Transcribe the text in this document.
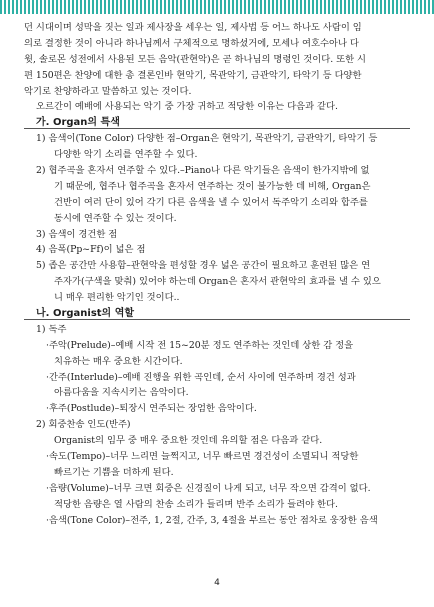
던 시대이며 성막을 짓는 일과 제사장을 세우는 일, 제사법 등 어느 하나도 사람이 임
의로 결정한 것이 아니라 하나님께서 구체적으로 명하셨거에, 모세나 여호수아나 다
윗, 솔로몬 성전에서 사용된 모든 음악(관현악)은 곧 하나님의 명령인 것이다. 또한 시
편 150편은 찬양에 대한 총 결론인바 현악기, 목관악기, 금관악기, 타악기 등 다양한
악기로 찬양하라고 말씀하고 있는 것이다.
오르간이 예배에 사용되는 악기 중 가장 귀하고 적당한 이유는 다음과 같다.
가. Organ의 특색
1) 음색이(Tone Color) 다양한 점–Organ은 현악기, 목관악기, 금관악기, 타악기 등
다양한 악기 소리를 연주할 수 있다.
2) 협주곡을 혼자서 연주할 수 있다.–Piano나 다른 악기들은 음색이 한가지밖에 없
기 때문에, 협주나 협주곡을 혼자서 연주하는 것이 불가능한 데 비해, Organ은
건반이 여러 단이 있어 각기 다른 음색을 낼 수 있어서 독주악기 소리와 합주를
동시에 연주할 수 있는 것이다.
3) 음색이 경건한 점
4) 음폭(Pp~Ff)이 넓은 점
5) 좁은 공간만 사용함–관현악을 편성할 경우 넓은 공간이 필요하고 훈련된 많은 연
주자가(구색을 맞춰) 있어야 하는데 Organ은 혼자서 관현악의 효과를 낼 수 있으
니 매우 편리한 악기인 것이다..
나. Organist의 역할
1) 독주
·주악(Prelude)–예배 시작 전 15~20분 정도 연주하는 것인데 상한 감 정을
치유하는 매우 중요한 시간이다.
·간주(Interlude)–예배 진행을 위한 곡인데, 순서 사이에 연주하며 경건 성과
아름다움을 지속시키는 음악이다.
·후주(Postlude)–퇴장시 연주되는 장엄한 음악이다.
2) 회중찬송 인도(반주)
Organist의 임무 중 매우 중요한 것인데 유의할 점은 다음과 같다.
·속도(Tempo)–너무 느리면 늘쩍지고, 너무 빠르면 경건성이 소멸되니 적당한
빠르기는 기쁨을 더하게 된다.
·음량(Volume)–너무 크면 회중은 신경질이 나게 되고, 너무 작으면 감격이 없다.
적당한 음량은 열 사람의 찬송 소리가 들리며 반주 소리가 들려야 한다.
·음색(Tone Color)–전주, 1, 2절, 간주, 3, 4절을 부르는 동안 점차로 웅장한 음색
4
